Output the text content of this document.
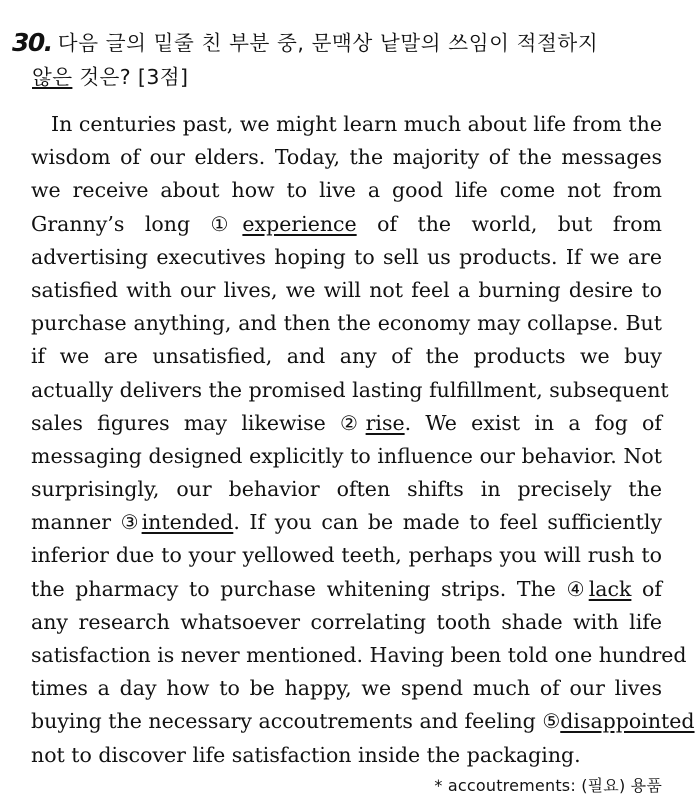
30. 다음 글의 밑줄 친 부분 중, 문맥상 낱말의 쓰임이 적절하지
않은 것은? [3점]
In centuries past, we might learn much about life from the
wisdom of our elders. Today, the majority of the messages
we receive about how to live a good life come not from
Granny’s long ①experience of the world, but from
advertising executives hoping to sell us products. If we are
satisfied with our lives, we will not feel a burning desire to
purchase anything, and then the economy may collapse. But
if we are unsatisfied, and any of the products we buy
actually delivers the promised lasting fulfillment, subsequent
sales figures may likewise ②rise. We exist in a fog of
messaging designed explicitly to influence our behavior. Not
surprisingly, our behavior often shifts in precisely the
manner ③intended. If you can be made to feel sufficiently
inferior due to your yellowed teeth, perhaps you will rush to
the pharmacy to purchase whitening strips. The ④lack of
any research whatsoever correlating tooth shade with life
satisfaction is never mentioned. Having been told one hundred
times a day how to be happy, we spend much of our lives
buying the necessary accoutrements and feeling ⑤disappointed
not to discover life satisfaction inside the packaging.
* accoutrements: (필요) 용품
